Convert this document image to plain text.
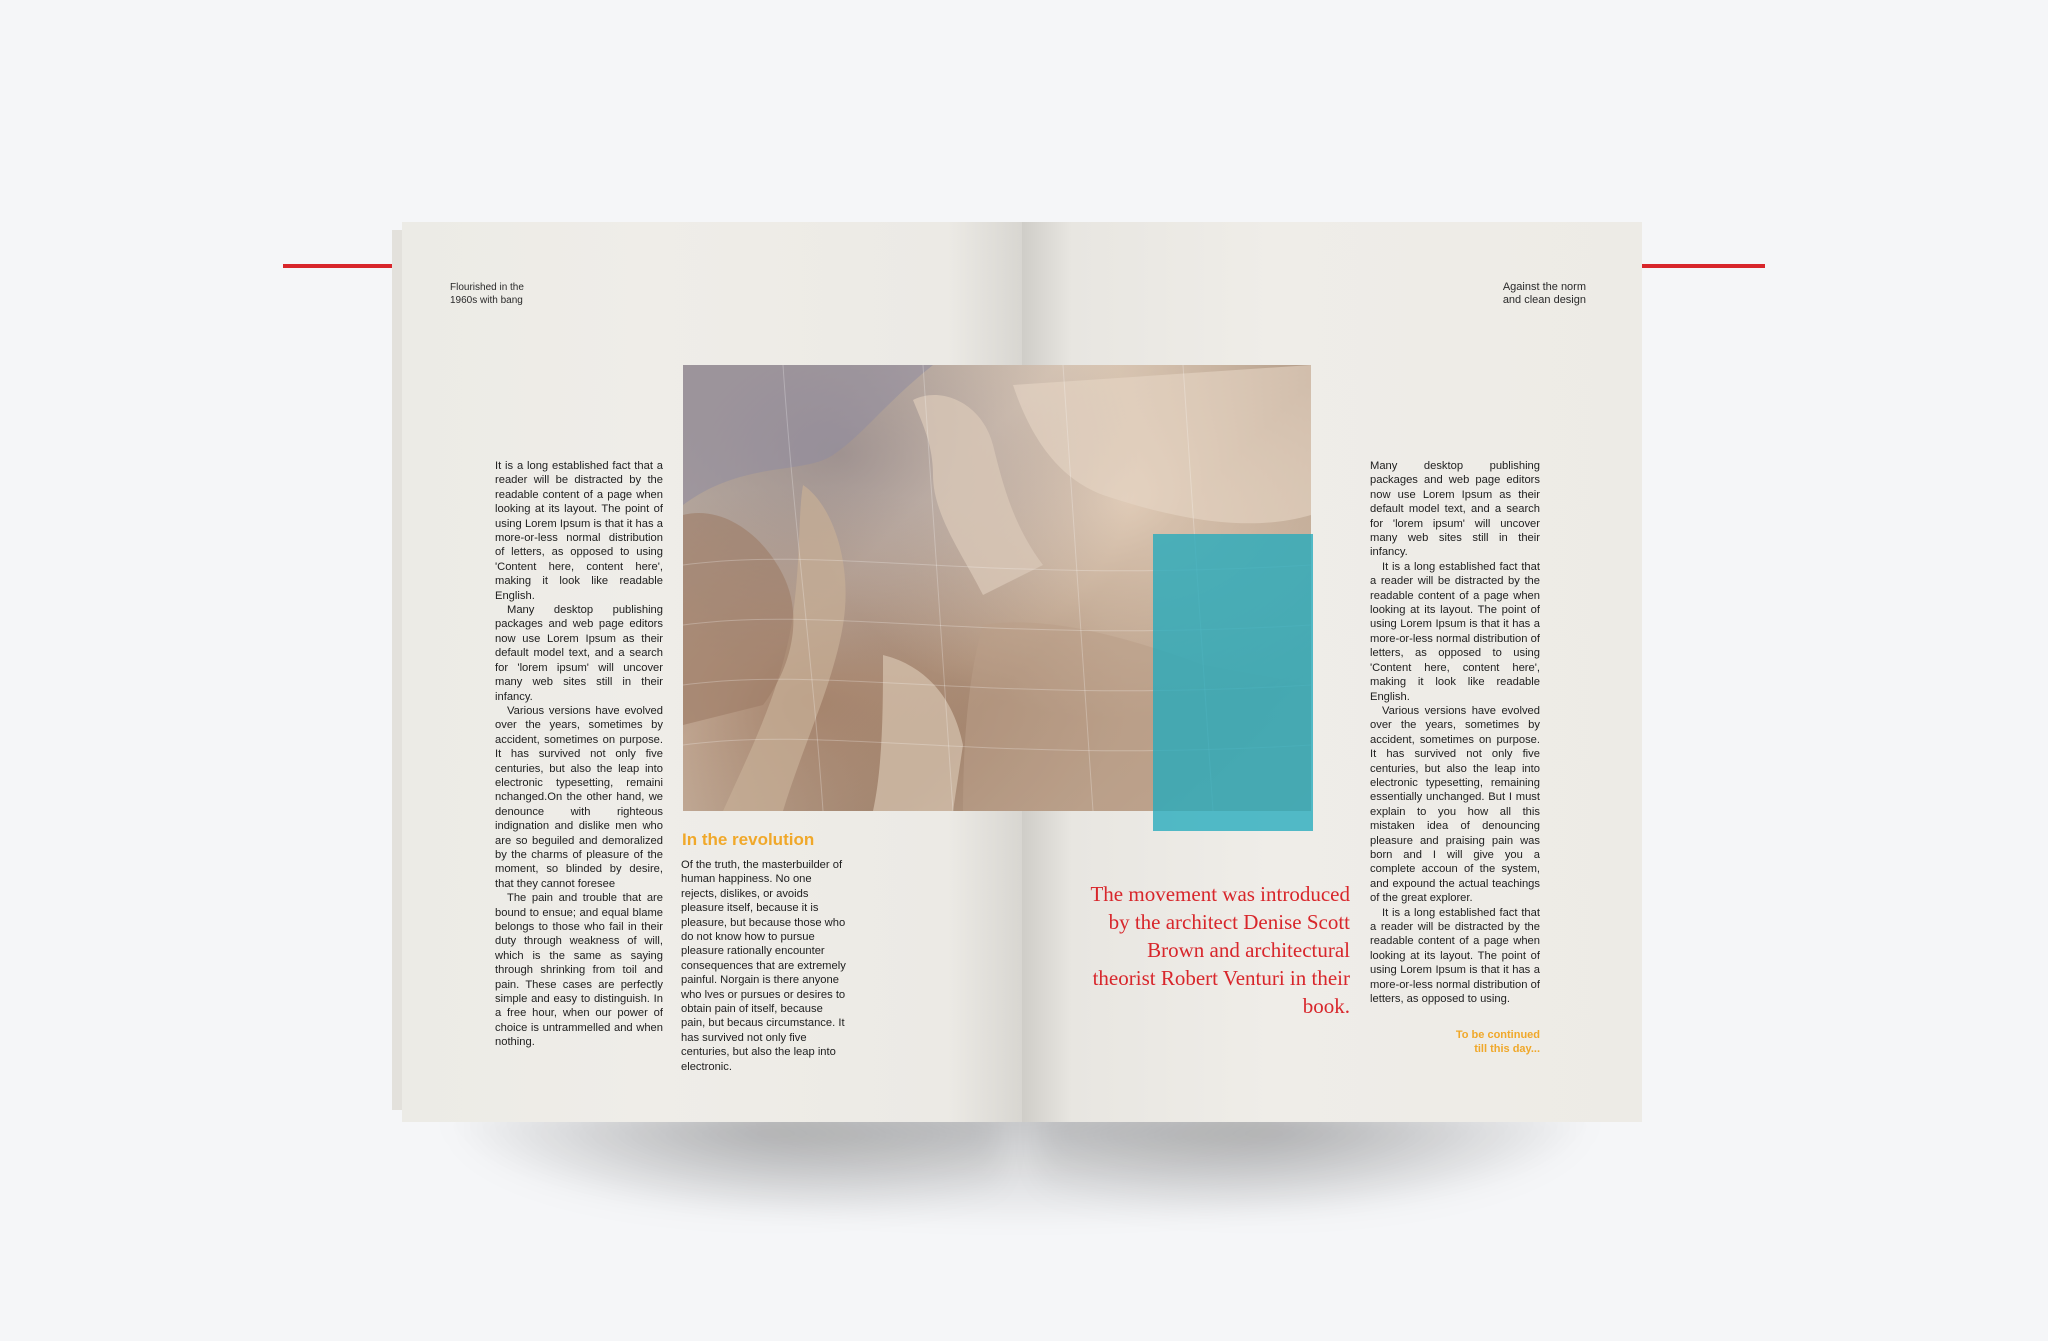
Flourished in the
1960s with bang
Against the norm
and clean design

It is a long established fact that a reader will be distracted by the readable content of a page when looking at its layout. The point of using Lorem Ipsum is that it has a more-or-less normal distribution of letters, as opposed to using 'Content here, content here', making it look like readable English.

Many desktop publishing packages and web page editors now use Lorem Ipsum as their default model text, and a search for 'lorem ipsum' will uncover many web sites still in their infancy.

Various versions have evolved over the years, sometimes by accident, sometimes on purpose. It has survived not only five centuries, but also the leap into electronic typesetting, remaini nchanged.On the other hand, we denounce with righteous indignation and dislike men who are so beguiled and demoralized by the charms of pleasure of the moment, so blinded by desire, that they cannot foresee

The pain and trouble that are bound to ensue; and equal blame belongs to those who fail in their duty through weakness of will, which is the same as saying through shrinking from toil and pain. These cases are perfectly simple and easy to distinguish. In a free hour, when our power of choice is untrammelled and when nothing.

In the revolution

Of the truth, the masterbuilder of human happiness. No one rejects, dislikes, or avoids pleasure itself, because it is pleasure, but because those who do not know how to pursue pleasure rationally encounter consequences that are extremely painful. Norgain is there anyone who lves or pursues or desires to obtain pain of itself, because pain, but becaus circumstance. It has survived not only five centuries, but also the leap into electronic.

The movement was introduced by the architect Denise Scott Brown and architectural theorist Robert Venturi in their book.

Many desktop publishing packages and web page editors now use Lorem Ipsum as their default model text, and a search for 'lorem ipsum' will uncover many web sites still in their infancy.

It is a long established fact that a reader will be distracted by the readable content of a page when looking at its layout. The point of using Lorem Ipsum is that it has a more-or-less normal distribution of letters, as opposed to using 'Content here, content here', making it look like readable English.

Various versions have evolved over the years, sometimes by accident, sometimes on purpose. It has survived not only five centuries, but also the leap into electronic typesetting, remaining essentially unchanged. But I must explain to you how all this mistaken idea of denouncing pleasure and praising pain was born and I will give you a complete accoun of the system, and expound the actual teachings of the great explorer.

It is a long established fact that a reader will be distracted by the readable content of a page when looking at its layout. The point of using Lorem Ipsum is that it has a more-or-less normal distribution of letters, as opposed to using.

To be continued
till this day...
